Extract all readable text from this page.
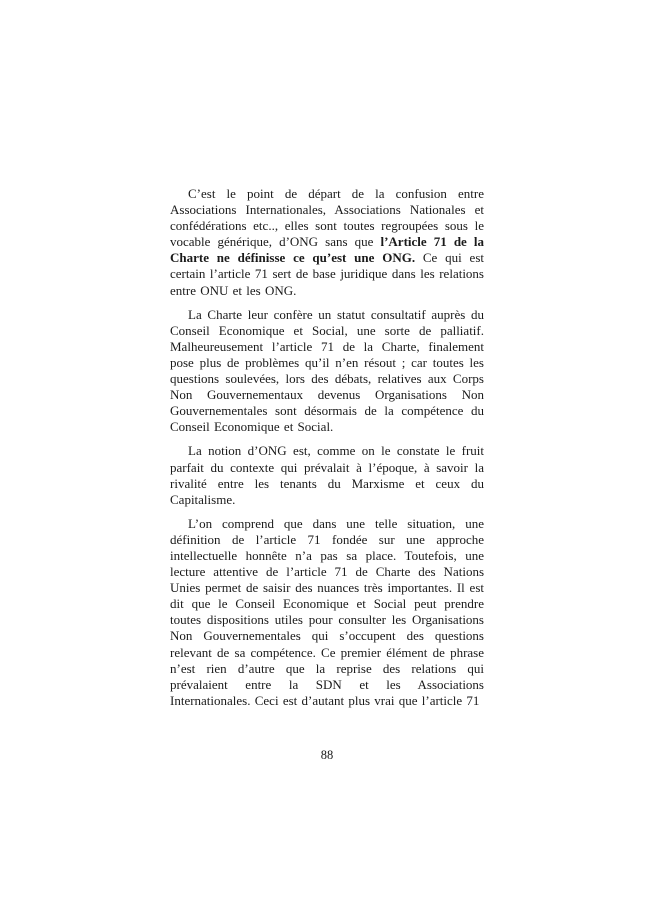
C’est le point de départ de la confusion entre Associations Internationales, Associations Nationales et confédérations etc.., elles sont toutes regroupées sous le vocable générique, d’ONG sans que l’Article 71 de la Charte ne définisse ce qu’est une ONG. Ce qui est certain l’article 71 sert de base juridique dans les relations entre ONU et les ONG.

La Charte leur confère un statut consultatif auprès du Conseil Economique et Social, une sorte de palliatif. Malheureusement l’article 71 de la Charte, finalement pose plus de problèmes qu’il n’en résout ; car toutes les questions soulevées, lors des débats, relatives aux Corps Non Gouvernementaux devenus Organisations Non Gouvernementales sont désormais de la compétence du Conseil Economique et Social.

La notion d’ONG est, comme on le constate le fruit parfait du contexte qui prévalait à l’époque, à savoir la rivalité entre les tenants du Marxisme et ceux du Capitalisme.

L’on comprend que dans une telle situation, une définition de l’article 71 fondée sur une approche intellectuelle honnête n’a pas sa place. Toutefois, une lecture attentive de l’article 71 de Charte des Nations Unies permet de saisir des nuances très importantes. Il est dit que le Conseil Economique et Social peut prendre toutes dispositions utiles pour consulter les Organisations Non Gouvernementales qui s’occupent des questions relevant de sa compétence. Ce premier élément de phrase n’est rien d’autre que la reprise des relations qui prévalaient entre la SDN et les Associations Internationales. Ceci est d’autant plus vrai que l’article 71

88
